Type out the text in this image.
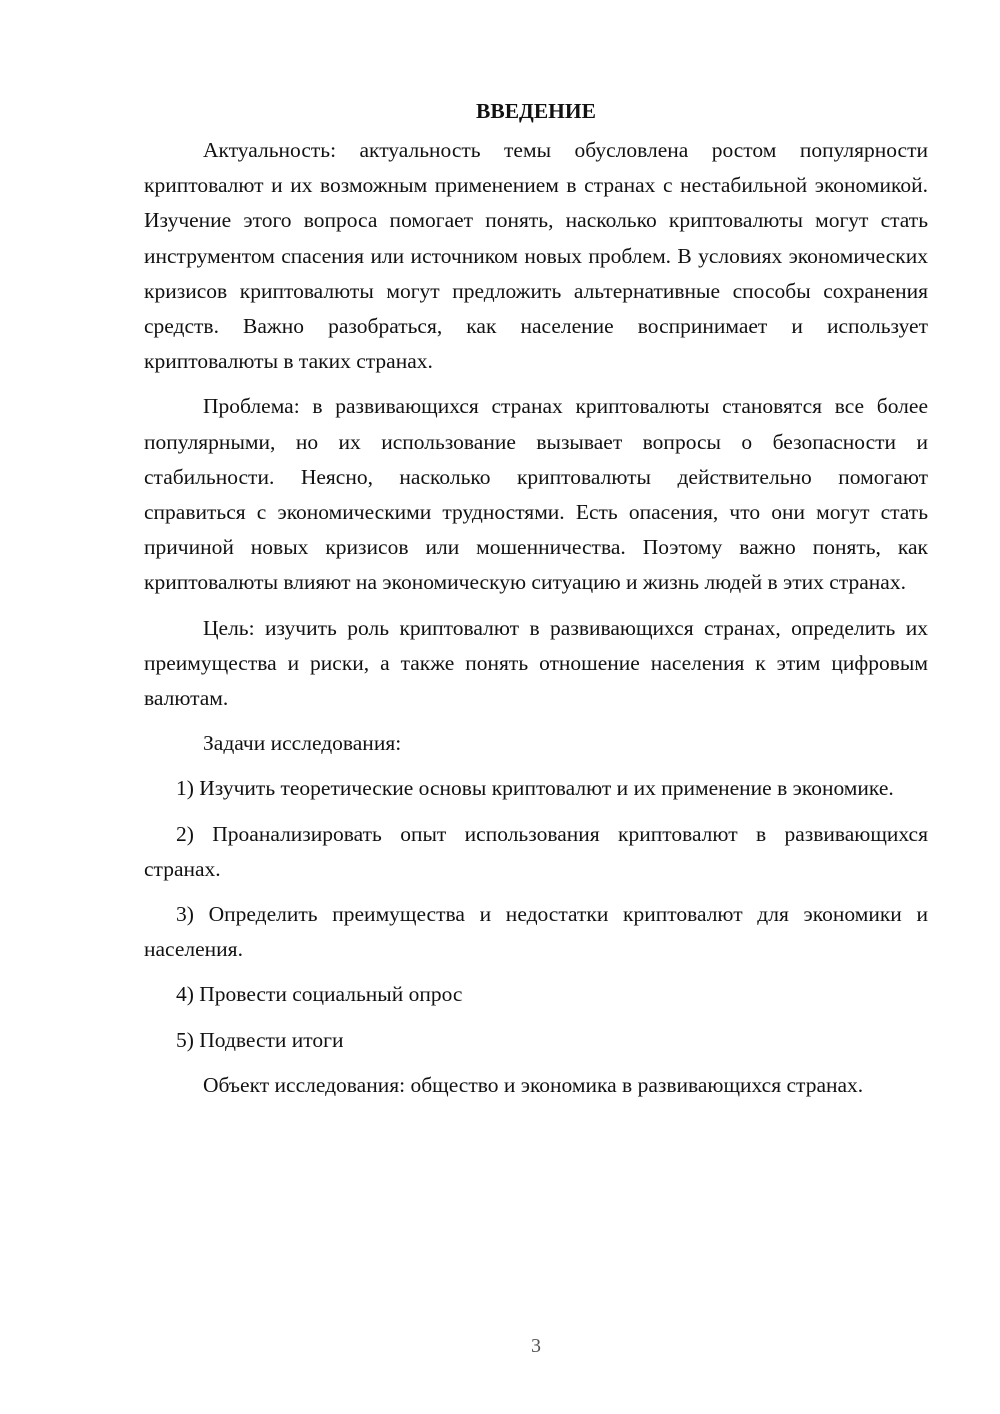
ВВЕДЕНИЕ

Актуальность: актуальность темы обусловлена ростом популярности криптовалют и их возможным применением в странах с нестабильной экономикой. Изучение этого вопроса помогает понять, насколько криптовалюты могут стать инструментом спасения или источником новых проблем. В условиях экономических кризисов криптовалюты могут предложить альтернативные способы сохранения средств. Важно разобраться, как население воспринимает и использует криптовалюты в таких странах.

Проблема: в развивающихся странах криптовалюты становятся все более популярными, но их использование вызывает вопросы о безопасности и стабильности. Неясно, насколько криптовалюты действительно помогают справиться с экономическими трудностями. Есть опасения, что они могут стать причиной новых кризисов или мошенничества. Поэтому важно понять, как криптовалюты влияют на экономическую ситуацию и жизнь людей в этих странах.

Цель: изучить роль криптовалют в развивающихся странах, определить их преимущества и риски, а также понять отношение населения к этим цифровым валютам.

Задачи исследования:

1) Изучить теоретические основы криптовалют и их применение в экономике.

2) Проанализировать опыт использования криптовалют в развивающихся странах.

3) Определить преимущества и недостатки криптовалют для экономики и населения.

4) Провести социальный опрос

5) Подвести итоги

Объект исследования: общество и экономика в развивающихся странах.

3
